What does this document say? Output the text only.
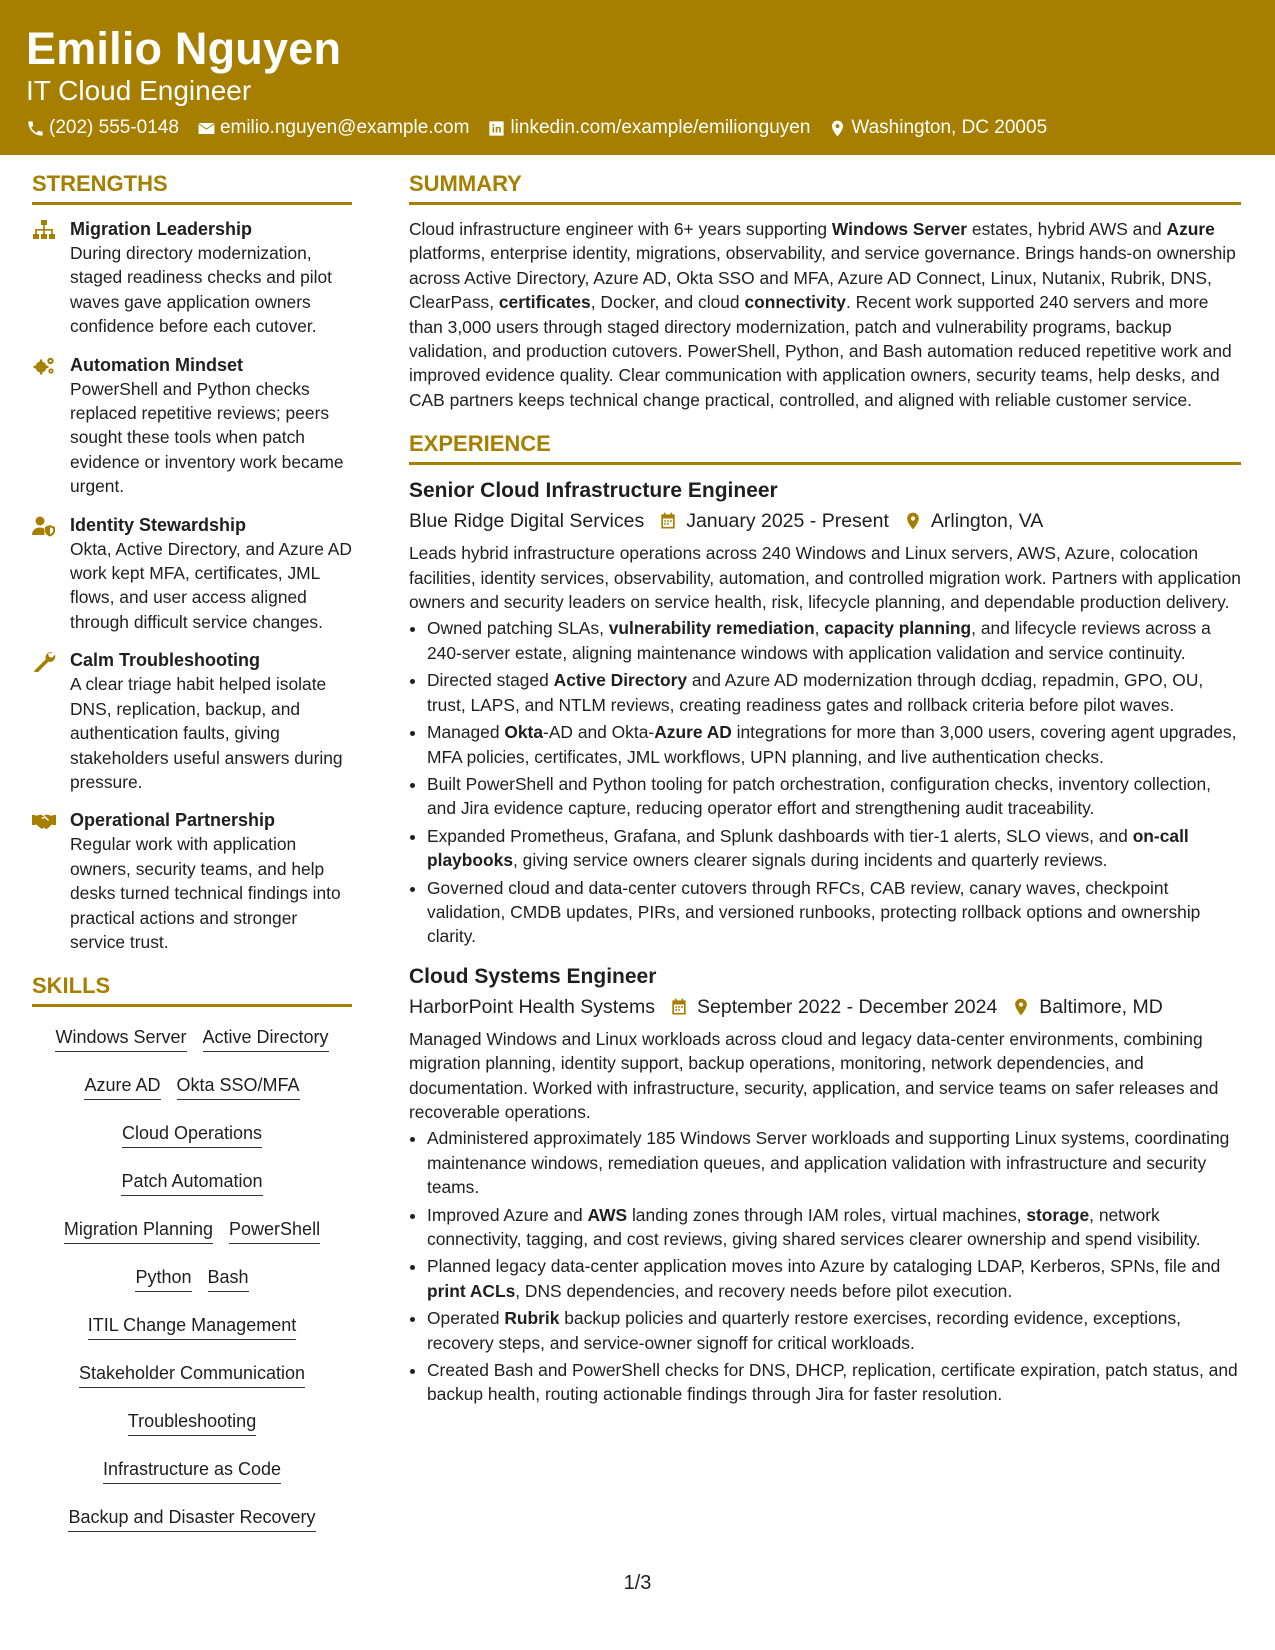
Emilio Nguyen
IT Cloud Engineer
(202) 555-0148 emilio.nguyen@example.com linkedin.com/example/emilionguyen Washington, DC 20005
STRENGTHS
Migration Leadership
During directory modernization, staged readiness checks and pilot waves gave application owners confidence before each cutover.
Automation Mindset
PowerShell and Python checks replaced repetitive reviews; peers sought these tools when patch evidence or inventory work became urgent.
Identity Stewardship
Okta, Active Directory, and Azure AD work kept MFA, certificates, JML flows, and user access aligned through difficult service changes.
Calm Troubleshooting
A clear triage habit helped isolate DNS, replication, backup, and authentication faults, giving stakeholders useful answers during pressure.
Operational Partnership
Regular work with application owners, security teams, and help desks turned technical findings into practical actions and stronger service trust.
SKILLS
Windows Server Active Directory
Azure AD Okta SSO/MFA
Cloud Operations
Patch Automation
Migration Planning PowerShell
Python Bash
ITIL Change Management
Stakeholder Communication
Troubleshooting
Infrastructure as Code
Backup and Disaster Recovery
SUMMARY
Cloud infrastructure engineer with 6+ years supporting Windows Server estates, hybrid AWS and Azure platforms, enterprise identity, migrations, observability, and service governance. Brings hands-on ownership across Active Directory, Azure AD, Okta SSO and MFA, Azure AD Connect, Linux, Nutanix, Rubrik, DNS, ClearPass, certificates, Docker, and cloud connectivity. Recent work supported 240 servers and more than 3,000 users through staged directory modernization, patch and vulnerability programs, backup validation, and production cutovers. PowerShell, Python, and Bash automation reduced repetitive work and improved evidence quality. Clear communication with application owners, security teams, help desks, and CAB partners keeps technical change practical, controlled, and aligned with reliable customer service.
EXPERIENCE
Senior Cloud Infrastructure Engineer
Blue Ridge Digital Services January 2025 - Present Arlington, VA
Leads hybrid infrastructure operations across 240 Windows and Linux servers, AWS, Azure, colocation facilities, identity services, observability, automation, and controlled migration work. Partners with application owners and security leaders on service health, risk, lifecycle planning, and dependable production delivery.
• Owned patching SLAs, vulnerability remediation, capacity planning, and lifecycle reviews across a 240-server estate, aligning maintenance windows with application validation and service continuity.
• Directed staged Active Directory and Azure AD modernization through dcdiag, repadmin, GPO, OU, trust, LAPS, and NTLM reviews, creating readiness gates and rollback criteria before pilot waves.
• Managed Okta-AD and Okta-Azure AD integrations for more than 3,000 users, covering agent upgrades, MFA policies, certificates, JML workflows, UPN planning, and live authentication checks.
• Built PowerShell and Python tooling for patch orchestration, configuration checks, inventory collection, and Jira evidence capture, reducing operator effort and strengthening audit traceability.
• Expanded Prometheus, Grafana, and Splunk dashboards with tier-1 alerts, SLO views, and on-call playbooks, giving service owners clearer signals during incidents and quarterly reviews.
• Governed cloud and data-center cutovers through RFCs, CAB review, canary waves, checkpoint validation, CMDB updates, PIRs, and versioned runbooks, protecting rollback options and ownership clarity.
Cloud Systems Engineer
HarborPoint Health Systems September 2022 - December 2024 Baltimore, MD
Managed Windows and Linux workloads across cloud and legacy data-center environments, combining migration planning, identity support, backup operations, monitoring, network dependencies, and documentation. Worked with infrastructure, security, application, and service teams on safer releases and recoverable operations.
• Administered approximately 185 Windows Server workloads and supporting Linux systems, coordinating maintenance windows, remediation queues, and application validation with infrastructure and security teams.
• Improved Azure and AWS landing zones through IAM roles, virtual machines, storage, network connectivity, tagging, and cost reviews, giving shared services clearer ownership and spend visibility.
• Planned legacy data-center application moves into Azure by cataloging LDAP, Kerberos, SPNs, file and print ACLs, DNS dependencies, and recovery needs before pilot execution.
• Operated Rubrik backup policies and quarterly restore exercises, recording evidence, exceptions, recovery steps, and service-owner signoff for critical workloads.
• Created Bash and PowerShell checks for DNS, DHCP, replication, certificate expiration, patch status, and backup health, routing actionable findings through Jira for faster resolution.
1/3
